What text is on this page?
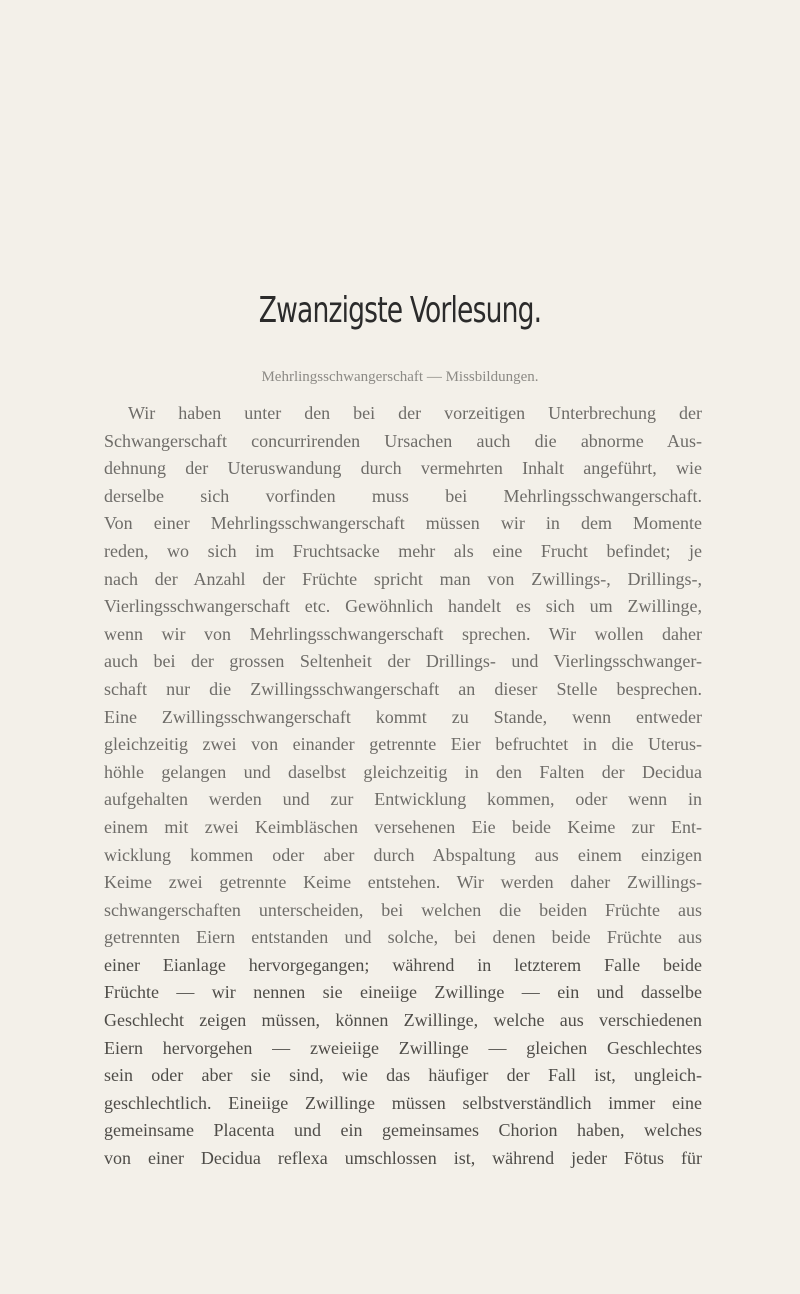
Zwanzigste Vorlesung.
Mehrlingsschwangerschaft — Missbildungen.
Wir haben unter den bei der vorzeitigen Unterbrechung der
Schwangerschaft concurrirenden Ursachen auch die abnorme Aus-
dehnung der Uteruswandung durch vermehrten Inhalt angeführt, wie
derselbe sich vorfinden muss bei Mehrlingsschwangerschaft.
Von einer Mehrlingsschwangerschaft müssen wir in dem Momente
reden, wo sich im Fruchtsacke mehr als eine Frucht befindet; je
nach der Anzahl der Früchte spricht man von Zwillings-, Drillings-,
Vierlingsschwangerschaft etc. Gewöhnlich handelt es sich um Zwillinge,
wenn wir von Mehrlingsschwangerschaft sprechen. Wir wollen daher
auch bei der grossen Seltenheit der Drillings- und Vierlingsschwanger-
schaft nur die Zwillingsschwangerschaft an dieser Stelle besprechen.
Eine Zwillingsschwangerschaft kommt zu Stande, wenn entweder
gleichzeitig zwei von einander getrennte Eier befruchtet in die Uterus-
höhle gelangen und daselbst gleichzeitig in den Falten der Decidua
aufgehalten werden und zur Entwicklung kommen, oder wenn in
einem mit zwei Keimbläschen versehenen Eie beide Keime zur Ent-
wicklung kommen oder aber durch Abspaltung aus einem einzigen
Keime zwei getrennte Keime entstehen. Wir werden daher Zwillings-
schwangerschaften unterscheiden, bei welchen die beiden Früchte aus
getrennten Eiern entstanden und solche, bei denen beide Früchte aus
einer Eianlage hervorgegangen; während in letzterem Falle beide
Früchte — wir nennen sie eineiige Zwillinge — ein und dasselbe
Geschlecht zeigen müssen, können Zwillinge, welche aus verschiedenen
Eiern hervorgehen — zweieiige Zwillinge — gleichen Geschlechtes
sein oder aber sie sind, wie das häufiger der Fall ist, ungleich-
geschlechtlich. Eineiige Zwillinge müssen selbstverständlich immer eine
gemeinsame Placenta und ein gemeinsames Chorion haben, welches
von einer Decidua reflexa umschlossen ist, während jeder Fötus für
